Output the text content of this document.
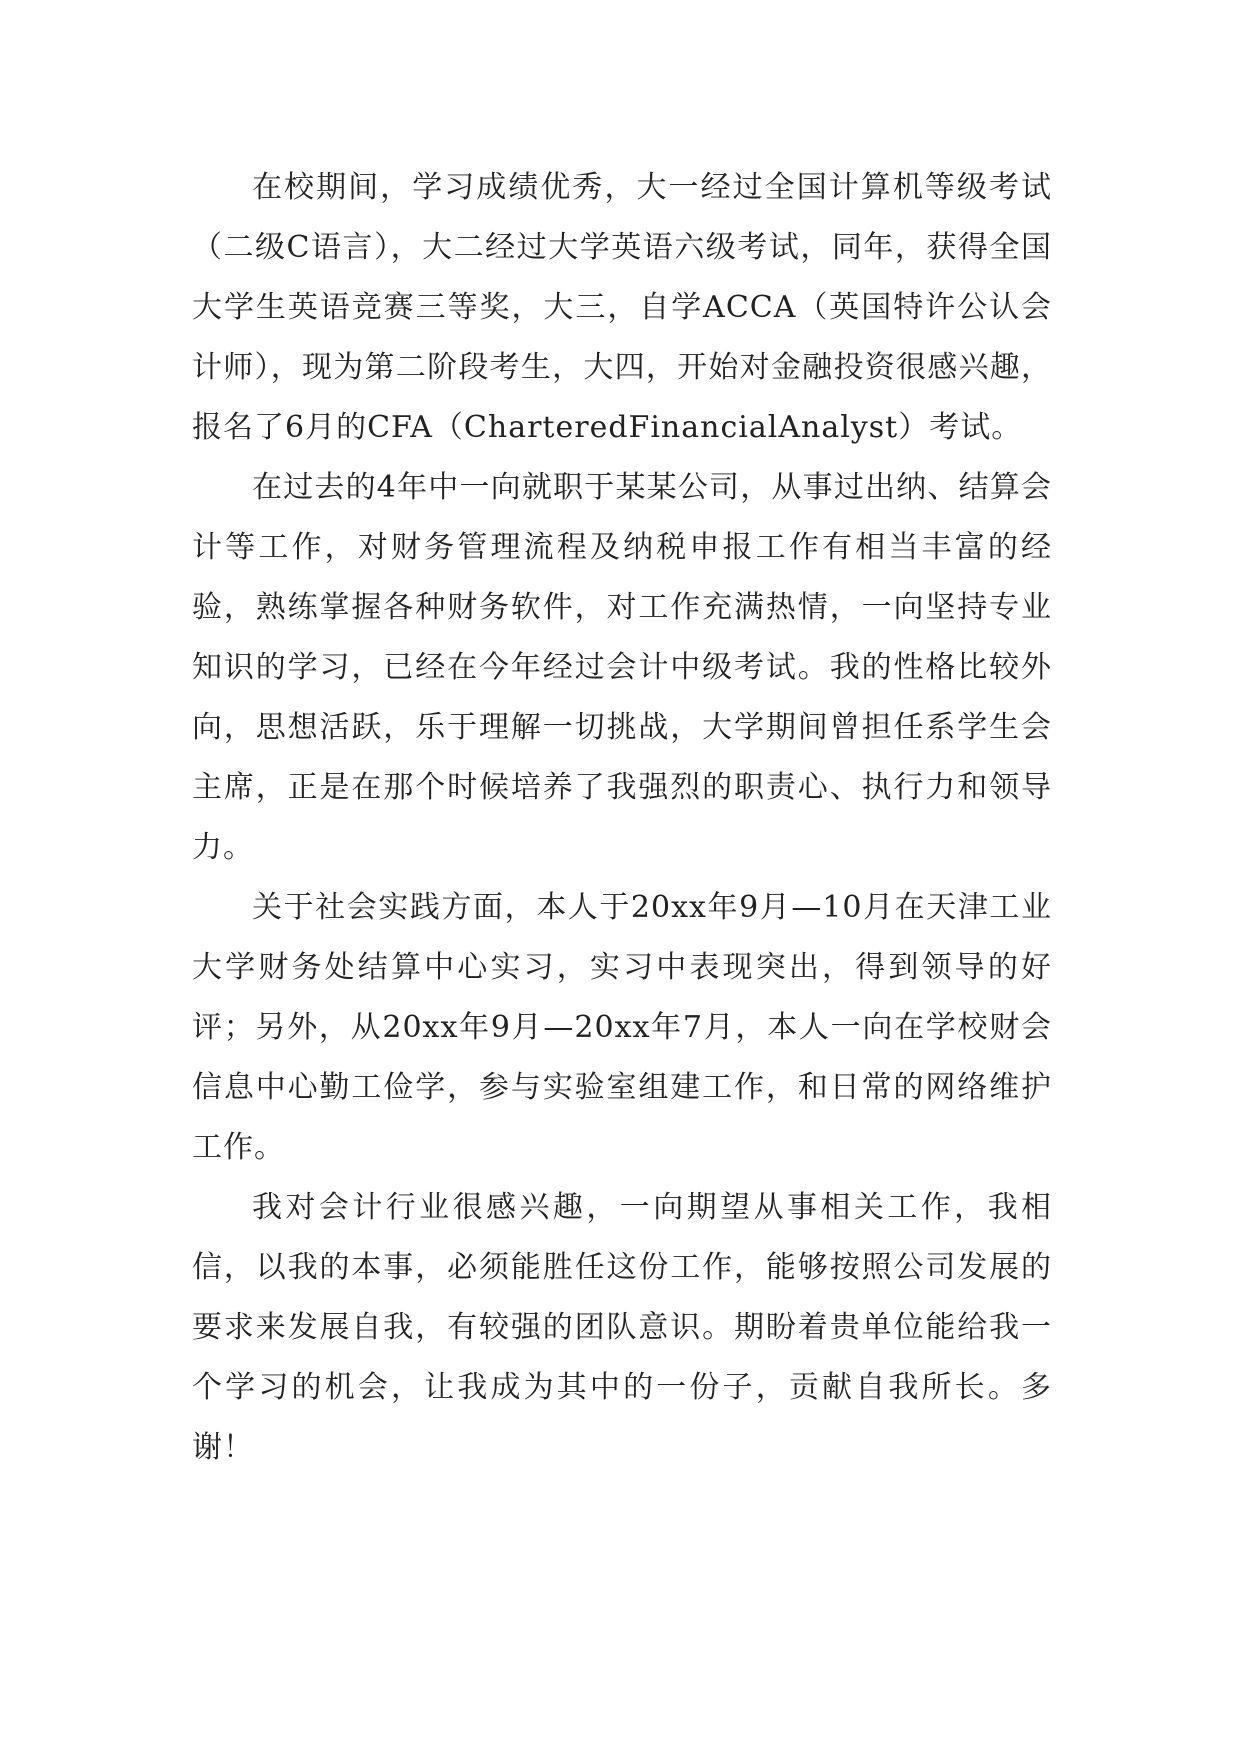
在校期间，学习成绩优秀，大一经过全国计算机等级考试（二级C语言），大二经过大学英语六级考试，同年，获得全国大学生英语竞赛三等奖，大三，自学ACCA（英国特许公认会计师），现为第二阶段考生，大四，开始对金融投资很感兴趣，报名了6月的CFA（CharteredFinancialAnalyst）考试。

在过去的4年中一向就职于某某公司，从事过出纳、结算会计等工作，对财务管理流程及纳税申报工作有相当丰富的经验，熟练掌握各种财务软件，对工作充满热情，一向坚持专业知识的学习，已经在今年经过会计中级考试。我的性格比较外向，思想活跃，乐于理解一切挑战，大学期间曾担任系学生会主席，正是在那个时候培养了我强烈的职责心、执行力和领导力。

关于社会实践方面，本人于20xx年9月—10月在天津工业大学财务处结算中心实习，实习中表现突出，得到领导的好评；另外，从20xx年9月—20xx年7月，本人一向在学校财会信息中心勤工俭学，参与实验室组建工作，和日常的网络维护工作。

我对会计行业很感兴趣，一向期望从事相关工作，我相信，以我的本事，必须能胜任这份工作，能够按照公司发展的要求来发展自我，有较强的团队意识。期盼着贵单位能给我一个学习的机会，让我成为其中的一份子，贡献自我所长。多谢！
